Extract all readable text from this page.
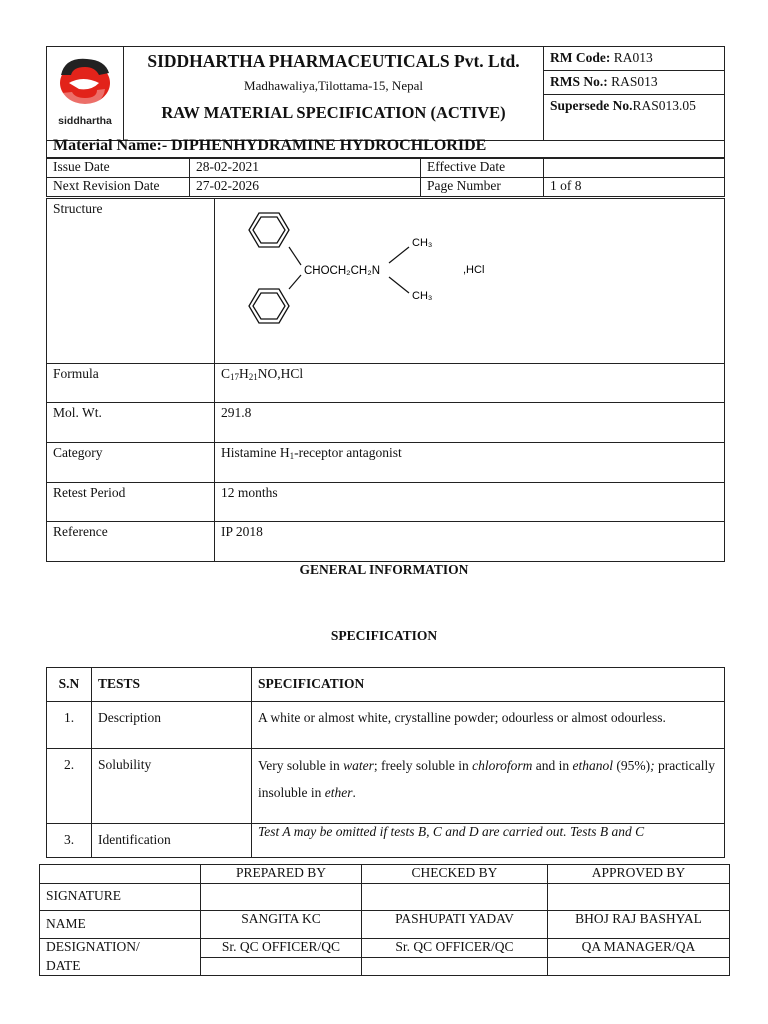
siddhartha

SIDDHARTHA PHARMACEUTICALS Pvt. Ltd.
Madhawaliya,Tilottama-15, Nepal
RAW MATERIAL SPECIFICATION (ACTIVE)
	RM Code: RA013
RMS No.: RAS013
Supersede No.RAS013.05
Material Name:- DIPHENHYDRAMINE HYDROCHLORIDE
Issue Date	28-02-2021	Effective Date	
Next Revision Date	27-02-2026	Page Number	1 of 8
Structure	CHOCH₂CH₂N
CH₃
CH₃
,HCl

Formula	$C_{17}H_{21}NO,HCl$
Mol. Wt.	291.8
Category	Histamine $H_1$-receptor antagonist
Retest Period	12 months
Reference	IP 2018
GENERAL INFORMATION
SPECIFICATION
S.N	TESTS	SPECIFICATION
1.	Description	A white or almost white, crystalline powder; odourless or almost odourless.
2.	Solubility	Very soluble in water; freely soluble in chloroform and in ethanol (95%); practically insoluble in ether.
3.	Identification	Test A may be omitted if tests B, C and D are carried out. Tests B and C
	PREPARED BY	CHECKED BY	APPROVED BY
SIGNATURE			
NAME	SANGITA KC	PASHUPATI YADAV	BHOJ RAJ BASHYAL
DESIGNATION/	Sr. QC OFFICER/QC	Sr. QC OFFICER/QC	QA MANAGER/QA
DATE			
